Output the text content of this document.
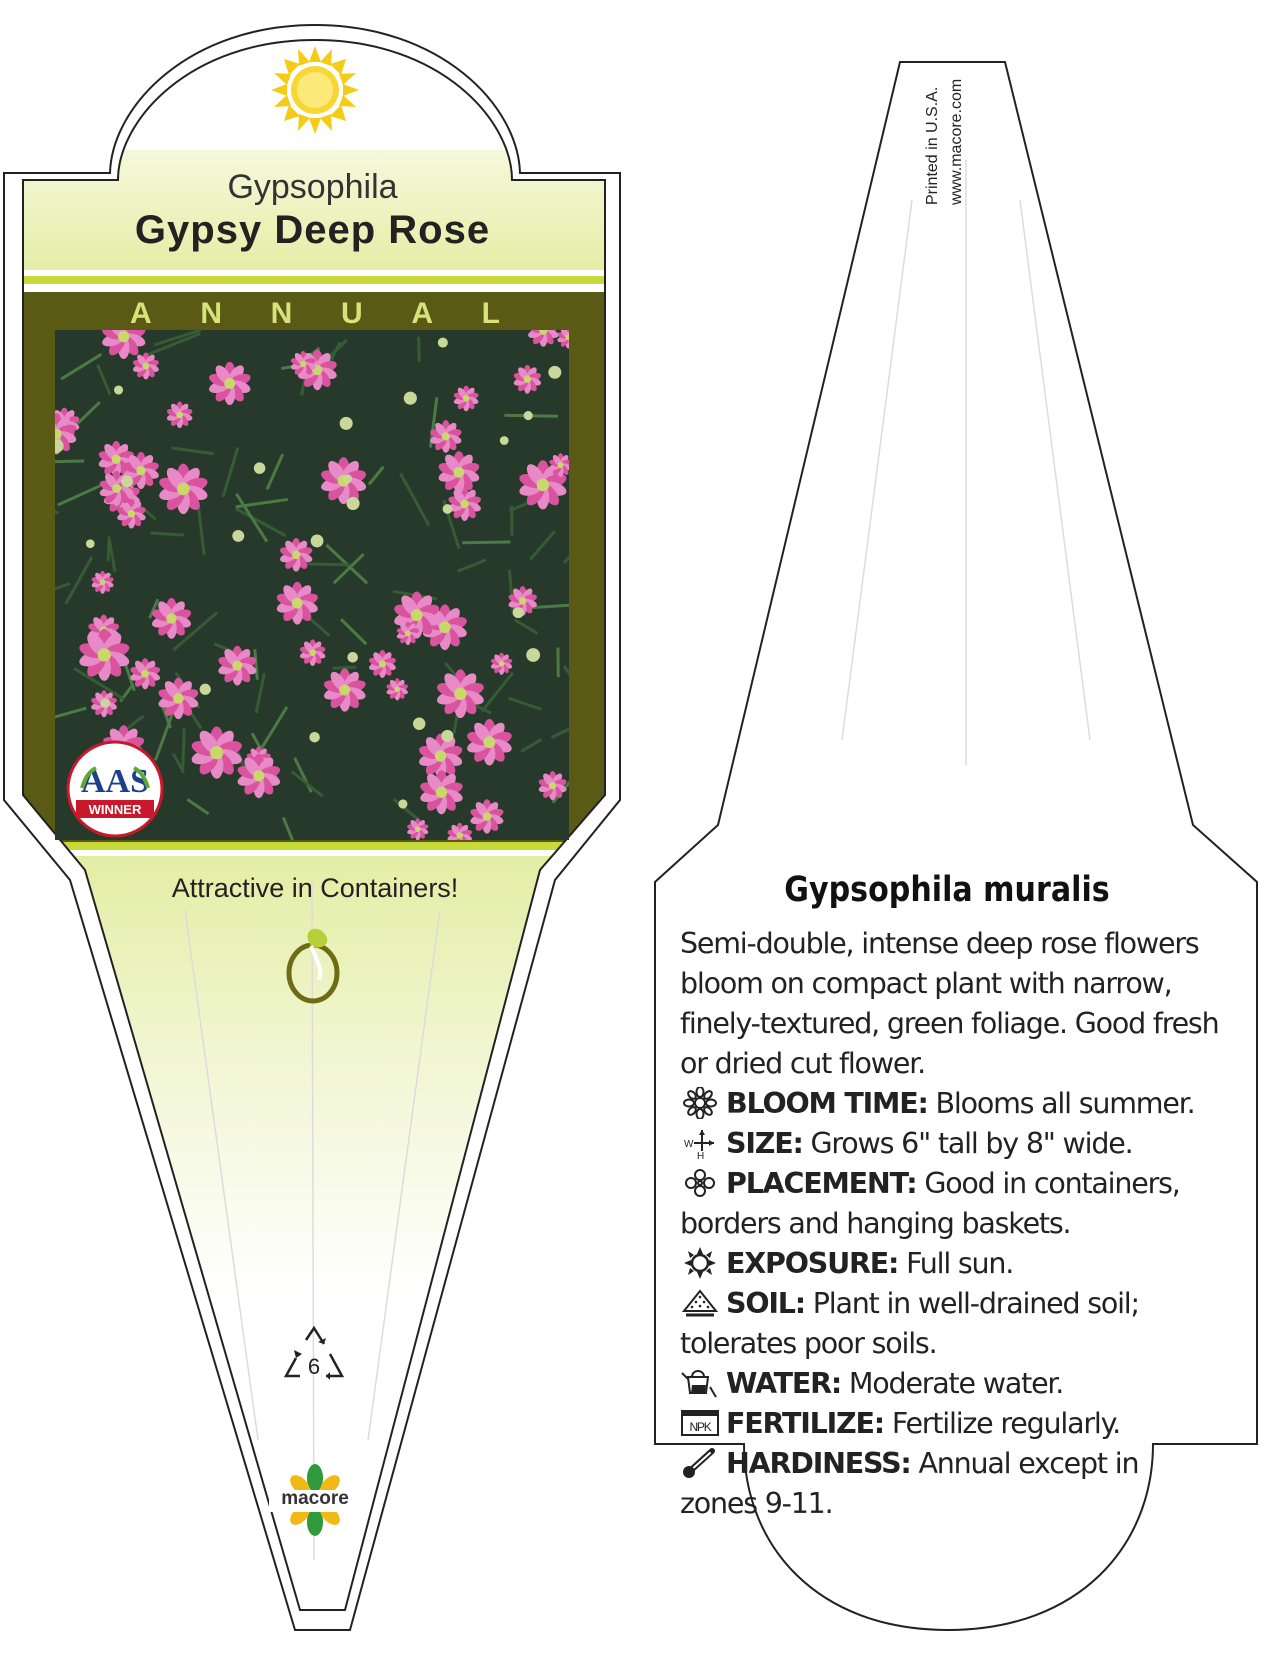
Gypsophila
Gypsy Deep Rose
A N N U A L
AAS
WINNER
Attractive in Containers!
6
macore
Printed in U.S.A. www.macore.com
Gypsophila muralis

Semi-double, intense deep rose flowers bloom on compact plant with narrow, finely-textured, green foliage. Good fresh or dried cut flower.

BLOOM TIME: Blooms all summer.
W
H SIZE: Grows 6" tall by 8" wide.
PLACEMENT: Good in containers, borders and hanging baskets.
EXPOSURE: Full sun.
SOIL: Plant in well-drained soil; tolerates poor soils.
WATER: Moderate water.
NPK FERTILIZE: Fertilize regularly.
HARDINESS: Annual except in zones 9-11.
